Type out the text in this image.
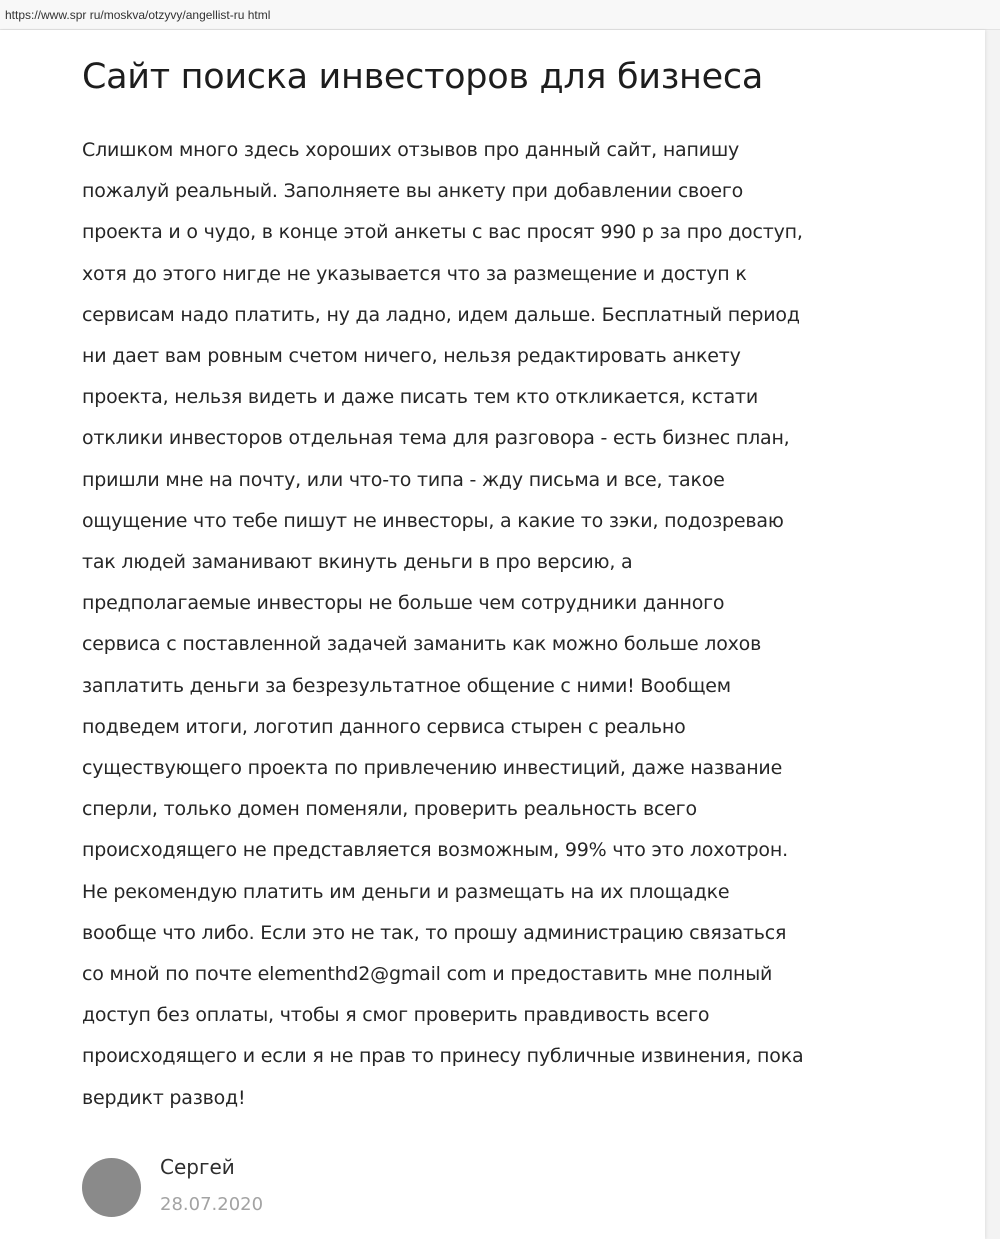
https://www.spr ru/moskva/otzyvy/angellist-ru html
Сайт поиска инвесторов для бизнеса
Слишком много здесь хороших отзывов про данный сайт, напишу
пожалуй реальный. Заполняете вы анкету при добавлении своего
проекта и о чудо, в конце этой анкеты с вас просят 990 р за про доступ,
хотя до этого нигде не указывается что за размещение и доступ к
сервисам надо платить, ну да ладно, идем дальше. Бесплатный период
ни дает вам ровным счетом ничего, нельзя редактировать анкету
проекта, нельзя видеть и даже писать тем кто откликается, кстати
отклики инвесторов отдельная тема для разговора - есть бизнес план,
пришли мне на почту, или что-то типа - жду письма и все, такое
ощущение что тебе пишут не инвесторы, а какие то зэки, подозреваю
так людей заманивают вкинуть деньги в про версию, а
предполагаемые инвесторы не больше чем сотрудники данного
сервиса с поставленной задачей заманить как можно больше лохов
заплатить деньги за безрезультатное общение с ними! Вообщем
подведем итоги, логотип данного сервиса стырен с реально
существующего проекта по привлечению инвестиций, даже название
сперли, только домен поменяли, проверить реальность всего
происходящего не представляется возможным, 99% что это лохотрон.
Не рекомендую платить им деньги и размещать на их площадке
вообще что либо. Если это не так, то прошу администрацию связаться
со мной по почте elementhd2@gmail com и предоставить мне полный
доступ без оплаты, чтобы я смог проверить правдивость всего
происходящего и если я не прав то принесу публичные извинения, пока
вердикт развод!
Сергей
28.07.2020
